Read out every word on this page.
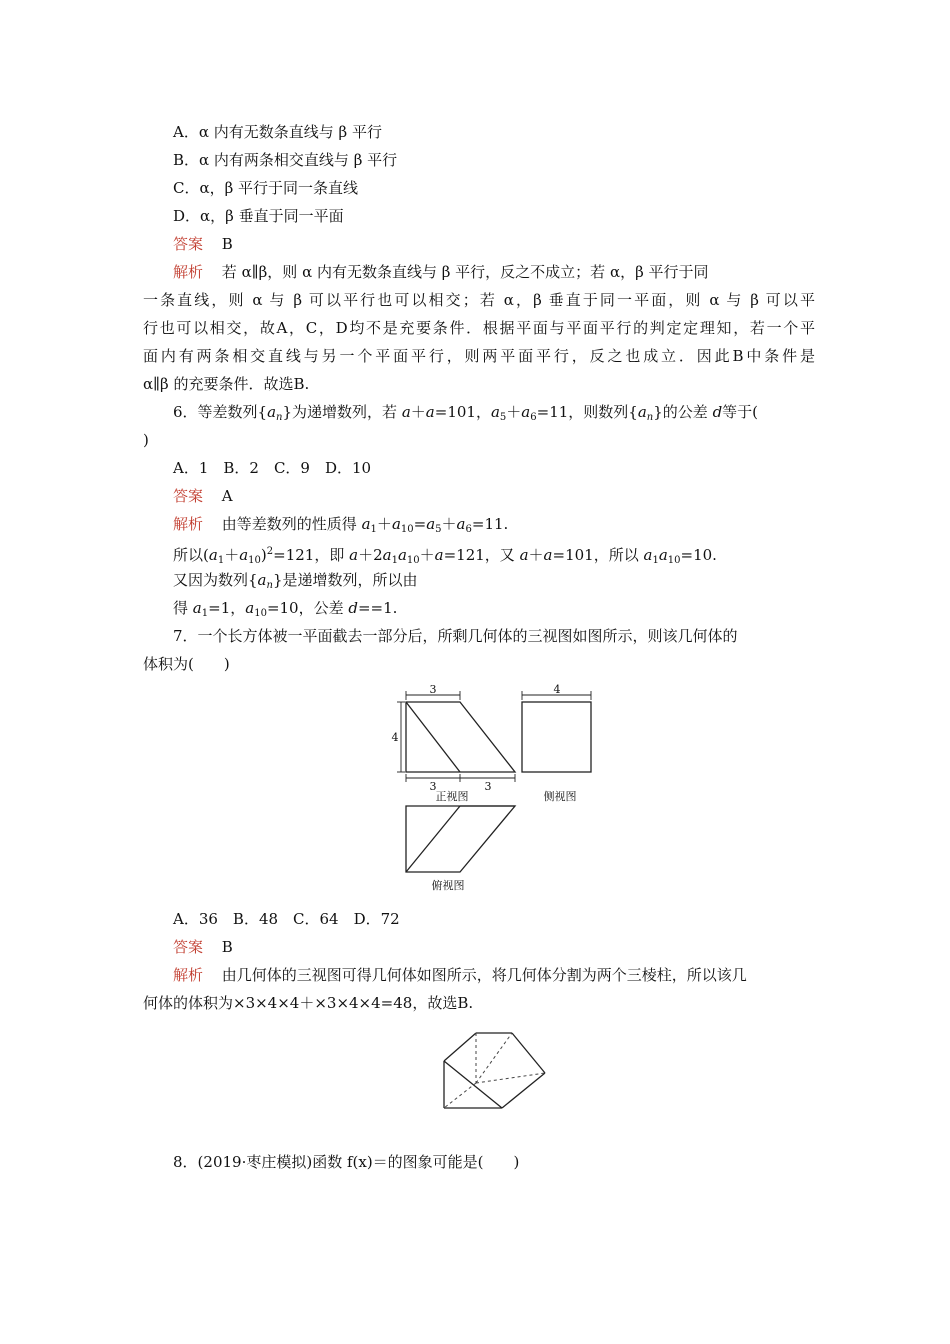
A．α 内有无数条直线与 β 平行
B．α 内有两条相交直线与 β 平行
C．α，β 平行于同一条直线
D．α，β 垂直于同一平面
答案 B
解析 若 α∥β，则 α 内有无数条直线与 β 平行，反之不成立；若 α，β 平行于同
一条直线，则 α 与 β 可以平行也可以相交；若 α，β 垂直于同一平面，则 α 与 β 可以平
行也可以相交，故A，C，D均不是充要条件．根据平面与平面平行的判定定理知，若一个平
面内有两条相交直线与另一个平面平行，则两平面平行，反之也成立．因此B中条件是
α∥β 的充要条件．故选B.
6．等差数列$\{a_n\}$为递增数列，若 a＋a=101，$a_5+a_6=11$，则数列$\{a_n\}$的公差 d等于(
)
A．1　B．2　C．9　D．10
答案 A
解析 由等差数列的性质得 $a_1+a_{10}=a_5+a_6=11$.
所以$(a_1+a_{10})^2=121$，即 $a+2a_1a_{10}+a=121$，又 a＋a=101，所以 $a_1a_{10}=10$.
又因为数列$\{a_n\}$是递增数列，所以由
得 $a_1=1$，$a_{10}=10$，公差 d==1.
7．一个长方体被一平面截去一部分后，所剩几何体的三视图如图所示，则该几何体的
体积为(　　)
3
4
3	3
4
正视图	侧视图
俯视图
A．36　B．48　C．64　D．72
答案 B
解析 由几何体的三视图可得几何体如图所示，将几何体分割为两个三棱柱，所以该几
何体的体积为×3×4×4＋×3×4×4=48，故选B.
8．(2019·枣庄模拟)函数 f(x)＝的图象可能是(　　)
